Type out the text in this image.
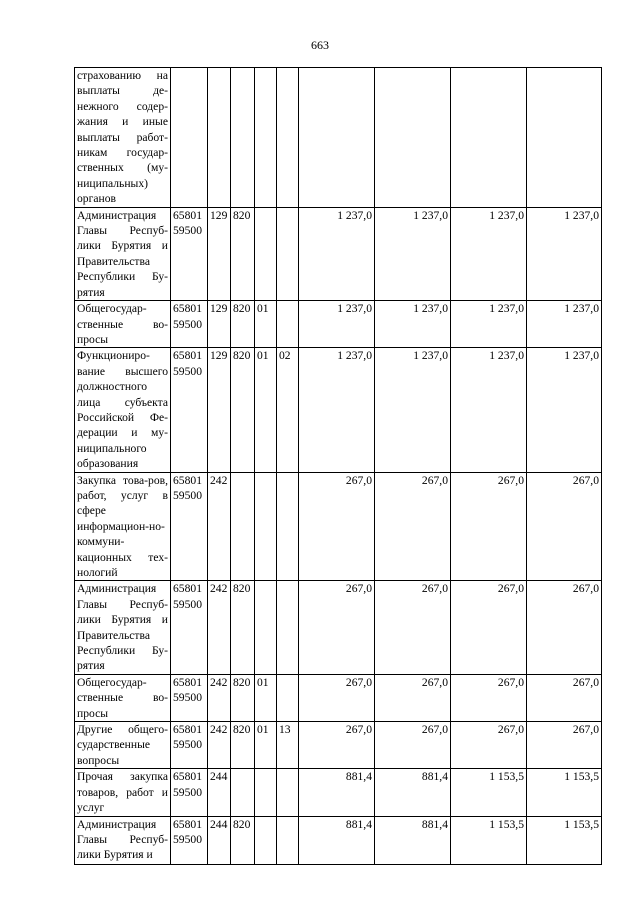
663
страхованию на выплаты де-нежного содер-жания и иные выплаты работ-никам государ-ственных (му-ниципальных) органов									
Администрация Главы Респуб-лики Бурятия и Правительства Республики Бу-рятия	65801 59500	129	820			1 237,0	1 237,0	1 237,0	1 237,0
Общегосудар-ственные во-просы	65801 59500	129	820	01		1 237,0	1 237,0	1 237,0	1 237,0
Функциониро-вание высшего должностного лица субъекта Российской Фе-дерации и му-ниципального образования	65801 59500	129	820	01	02	1 237,0	1 237,0	1 237,0	1 237,0
Закупка това-ров, работ, услуг в сфере информацион-но-коммуни-кационных тех-нологий	65801 59500	242				267,0	267,0	267,0	267,0
Администрация Главы Респуб-лики Бурятия и Правительства Республики Бу-рятия	65801 59500	242	820			267,0	267,0	267,0	267,0
Общегосудар-ственные во-просы	65801 59500	242	820	01		267,0	267,0	267,0	267,0
Другие общего-сударственные вопросы	65801 59500	242	820	01	13	267,0	267,0	267,0	267,0
Прочая закупка товаров, работ и услуг	65801 59500	244				881,4	881,4	1 153,5	1 153,5
Администрация Главы Респуб-лики Бурятия и	65801 59500	244	820			881,4	881,4	1 153,5	1 153,5
